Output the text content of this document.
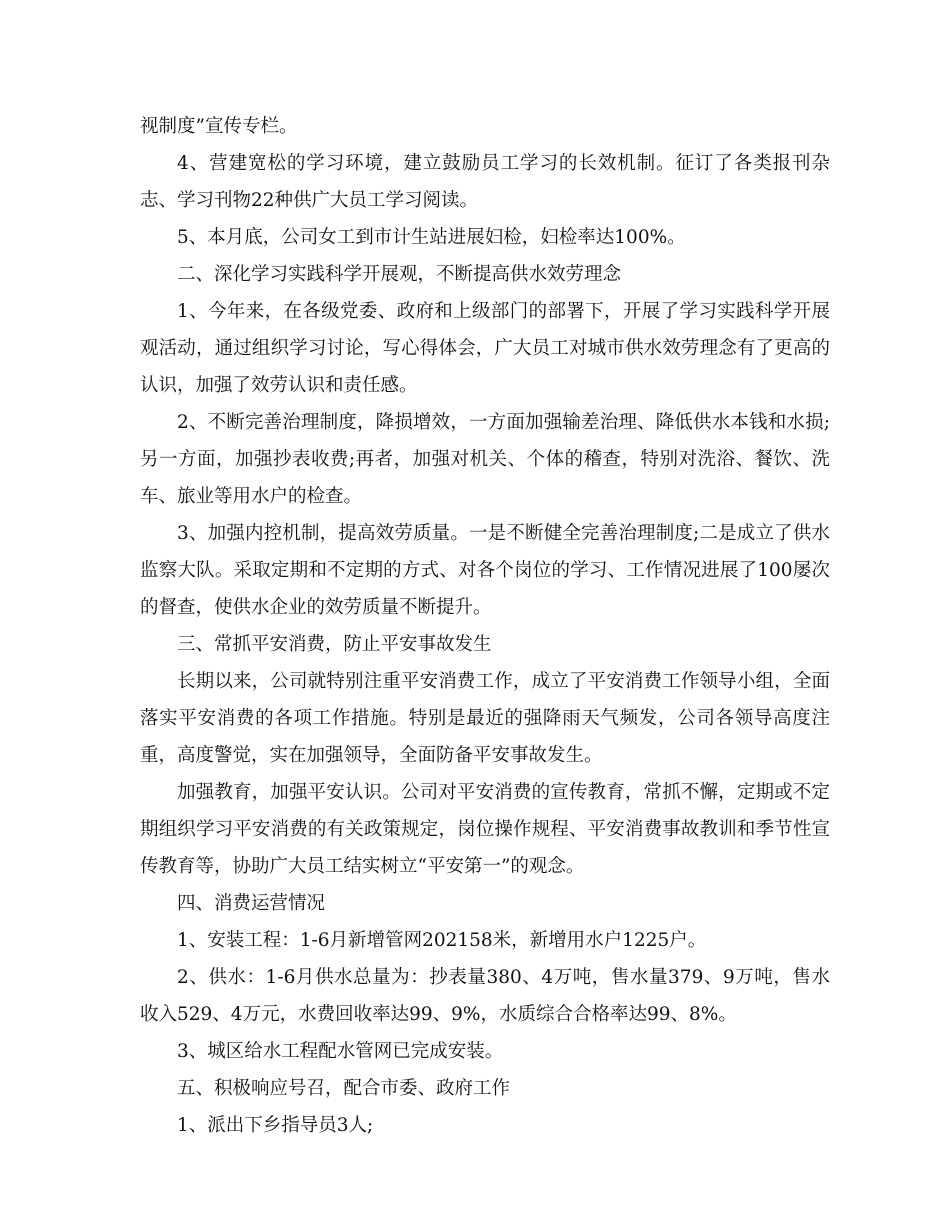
视制度”宣传专栏。

4、营建宽松的学习环境，建立鼓励员工学习的长效机制。征订了各类报刊杂志、学习刊物22种供广大员工学习阅读。

5、本月底，公司女工到市计生站进展妇检，妇检率达100%。

二、深化学习实践科学开展观，不断提高供水效劳理念

1、今年来，在各级党委、政府和上级部门的部署下，开展了学习实践科学开展观活动，通过组织学习讨论，写心得体会，广大员工对城市供水效劳理念有了更高的认识，加强了效劳认识和责任感。

2、不断完善治理制度，降损增效，一方面加强输差治理、降低供水本钱和水损;另一方面，加强抄表收费;再者，加强对机关、个体的稽查，特别对洗浴、餐饮、洗车、旅业等用水户的检查。

3、加强内控机制，提高效劳质量。一是不断健全完善治理制度;二是成立了供水监察大队。采取定期和不定期的方式、对各个岗位的学习、工作情况进展了100屡次的督查，使供水企业的效劳质量不断提升。

三、常抓平安消费，防止平安事故发生

长期以来，公司就特别注重平安消费工作，成立了平安消费工作领导小组，全面落实平安消费的各项工作措施。特别是最近的强降雨天气频发，公司各领导高度注重，高度警觉，实在加强领导，全面防备平安事故发生。

加强教育，加强平安认识。公司对平安消费的宣传教育，常抓不懈，定期或不定期组织学习平安消费的有关政策规定，岗位操作规程、平安消费事故教训和季节性宣传教育等，协助广大员工结实树立“平安第一”的观念。

四、消费运营情况

1、安装工程：1-6月新增管网202158米，新增用水户1225户。

2、供水：1-6月供水总量为：抄表量380、4万吨，售水量379、9万吨，售水收入529、4万元，水费回收率达99、9%，水质综合合格率达99、8%。

3、城区给水工程配水管网已完成安装。

五、积极响应号召，配合市委、政府工作

1、派出下乡指导员3人;
